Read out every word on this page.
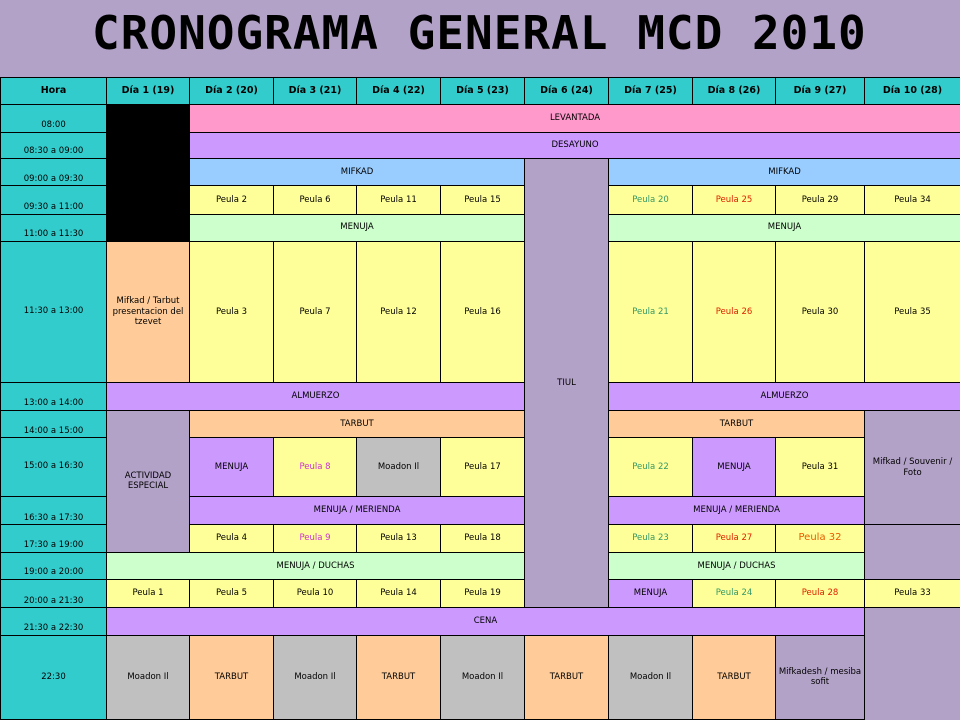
CRONOGRAMA GENERAL MCD 2010
Hora	Día 1 (19)	Día 2 (20)	Día 3 (21)	Día 4 (22)	Día 5 (23)	Día 6 (24)	Día 7 (25)	Día 8 (26)	Día 9 (27)	Día 10 (28)	
08:00		LEVANTADA									
08:30 a 09:00		DESAYUNO									
09:00 a 09:30		MIFKAD				TIUL	MIFKAD				
09:30 a 11:00		Peula 2	Peula 6	Peula 11	Peula 15		Peula 20	Peula 25	Peula 29	Peula 34	
11:00 a 11:30		MENUJA					MENUJA				
11:30 a 13:00	Mifkad / Tarbut presentacion del tzevet	Peula 3	Peula 7	Peula 12	Peula 16		Peula 21	Peula 26	Peula 30	Peula 35	
13:00 a 14:00	ALMUERZO						ALMUERZO				
14:00 a 15:00	ACTIVIDAD ESPECIAL	TARBUT					TARBUT			Mifkad / Souvenir / Foto	
15:00 a 16:30		MENUJA	Peula 8	Moadon Il	Peula 17		Peula 22	MENUJA	Peula 31		
16:30 a 17:30		MENUJA / MERIENDA					MENUJA / MERIENDA				
17:30 a 19:00		Peula 4	Peula 9	Peula 13	Peula 18		Peula 23	Peula 27	Peula 32		
19:00 a 20:00	MENUJA / DUCHAS						MENUJA / DUCHAS				
20:00 a 21:30	Peula 1	Peula 5	Peula 10	Peula 14	Peula 19		MENUJA	Peula 24	Peula 28	Peula 33	
21:30 a 22:30	CENA										
22:30	Moadon Il	TARBUT	Moadon Il	TARBUT	Moadon Il	TARBUT	Moadon Il	TARBUT	Mifkadesh / mesiba sofit		
